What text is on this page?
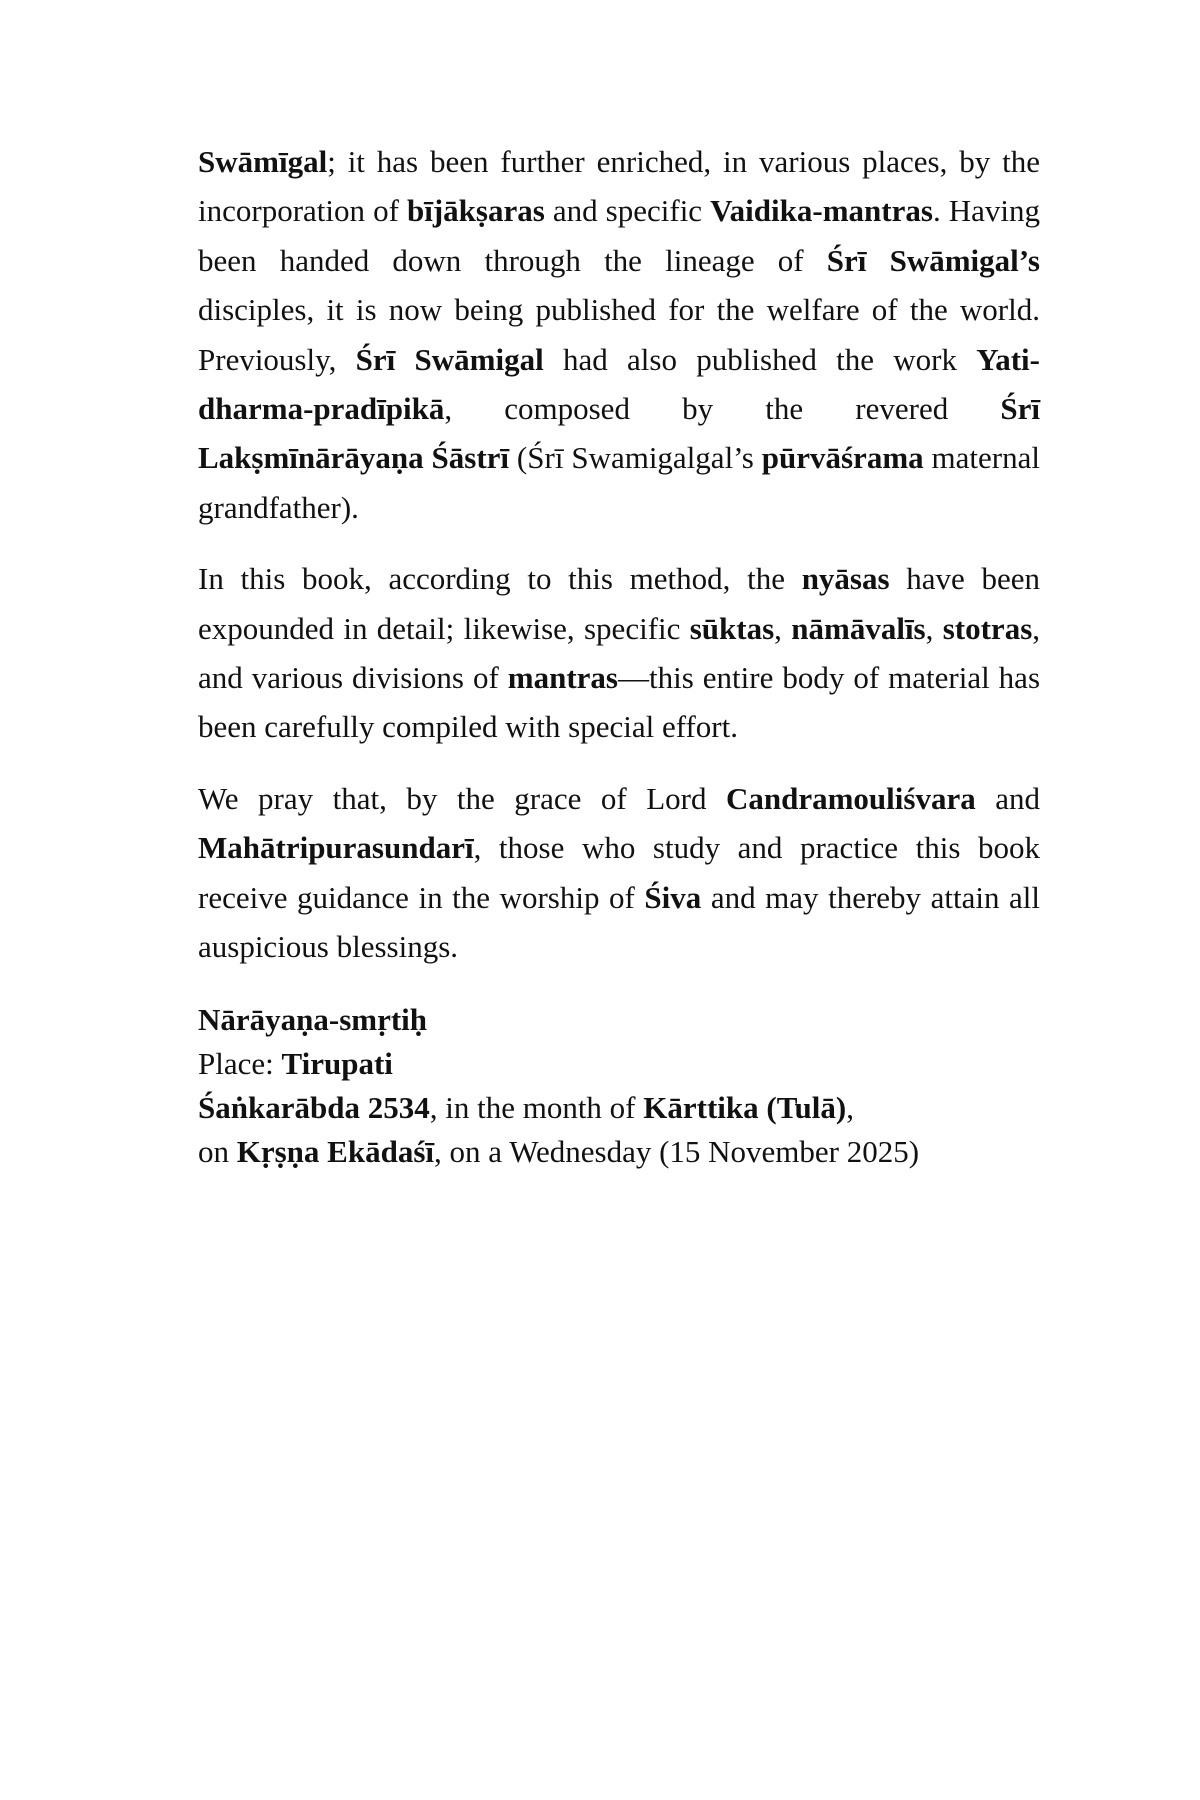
Swāmīgal; it has been further enriched, in various places, by the incorporation of bījākṣaras and specific Vaidika-mantras. Having been handed down through the lineage of Śrī Swāmigal’s disciples, it is now being published for the welfare of the world. Previously, Śrī Swāmigal had also published the work Yati-dharma-pradīpikā, composed by the revered Śrī Lakṣmīnārāyaṇa Śāstrī (Śrī Swamigalgal’s pūrvāśrama maternal grandfather).

In this book, according to this method, the nyāsas have been expounded in detail; likewise, specific sūktas, nāmāvalīs, stotras, and various divisions of mantras—this entire body of material has been carefully compiled with special effort.

We pray that, by the grace of Lord Candramouliśvara and Mahātripurasundarī, those who study and practice this book receive guidance in the worship of Śiva and may thereby attain all auspicious blessings.

Nārāyaṇa-smṛtiḥ
Place: Tirupati
Śaṅkarābda 2534, in the month of Kārttika (Tulā),
on Kṛṣṇa Ekādaśī, on a Wednesday (15 November 2025)
